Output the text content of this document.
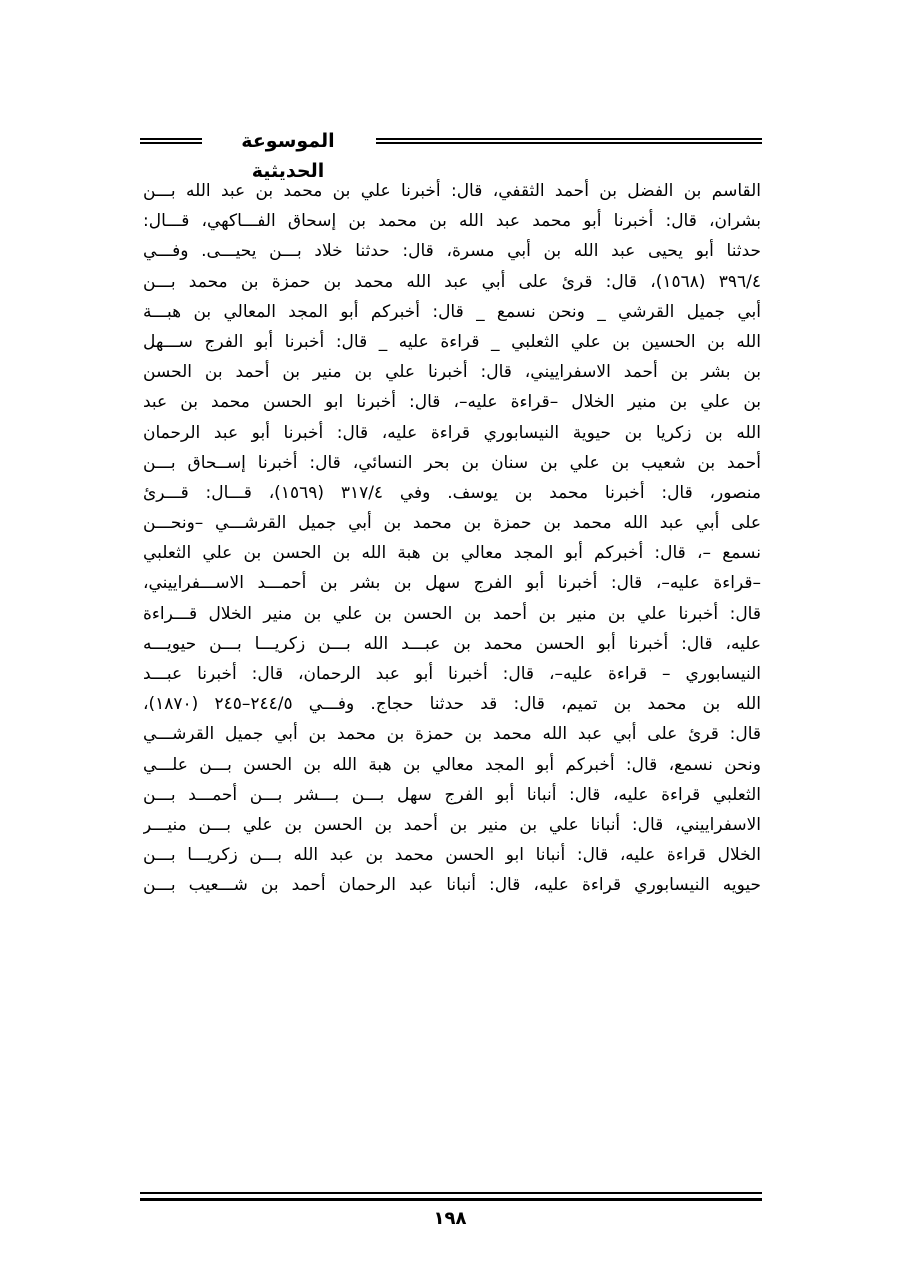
الموسوعة الحديثية
القاسم بن الفضل بن أحمد الثقفي، قال: أخبرنا علي بن محمد بن عبد الله بـــن
بشران، قال: أخبرنا أبو محمد عبد الله بن محمد بن إسحاق الفـــاكهي، قـــال:
حدثنا أبو يحيى عبد الله بن أبي مسرة، قال: حدثنا خلاد بـــن يحيـــى. وفـــي
٣٩٦/٤ (١٥٦٨)، قال: قرئ على أبي عبد الله محمد بن حمزة بن محمد بـــن
أبي جميل القرشي _ ونحن نسمع _ قال: أخبركم أبو المجد المعالي بن هبـــة
الله بن الحسين بن علي الثعلبي _ قراءة عليه _ قال: أخبرنا أبو الفرج ســـهل
بن بشر بن أحمد الاسفراييني، قال: أخبرنا علي بن منير بن أحمد بن الحسن
بن علي بن منير الخلال –قراءة عليه–، قال: أخبرنا ابو الحسن محمد بن عبد
الله بن زكريا بن حيوية النيسابوري قراءة عليه، قال: أخبرنا أبو عبد الرحمان
أحمد بن شعيب بن علي بن سنان بن بحر النسائي، قال: أخبرنا إســحاق بـــن
منصور، قال: أخبرنا محمد بن يوسف. وفي ٣١٧/٤ (١٥٦٩)، قـــال: قـــرئ
على أبي عبد الله محمد بن حمزة بن محمد بن أبي جميل القرشـــي –ونحـــن
نسمع –، قال: أخبركم أبو المجد معالي بن هبة الله بن الحسن بن علي الثعلبي
–قراءة عليه–، قال: أخبرنا أبو الفرج سهل بن بشر بن أحمـــد الاســـفراييني،
قال: أخبرنا علي بن منير بن أحمد بن الحسن بن علي بن منير الخلال قـــراءة
عليه، قال: أخبرنا أبو الحسن محمد بن عبـــد الله بـــن زكريـــا بـــن حيويـــه
النيسابوري – قراءة عليه–، قال: أخبرنا أبو عبد الرحمان، قال: أخبرنا عبـــد
الله بن محمد بن تميم، قال: قد حدثنا حجاج. وفـــي ٢٤٤/٥–٢٤٥ (١٨٧٠)،
قال: قرئ على أبي عبد الله محمد بن حمزة بن محمد بن أبي جميل القرشـــي
ونحن نسمع، قال: أخبركم أبو المجد معالي بن هبة الله بن الحسن بـــن علـــي
الثعلبي قراءة عليه، قال: أنبانا أبو الفرج سهل بـــن بـــشر بـــن أحمـــد بـــن
الاسفراييني، قال: أنبانا علي بن منير بن أحمد بن الحسن بن علي بـــن منيـــر
الخلال قراءة عليه، قال: أنبانا ابو الحسن محمد بن عبد الله بـــن زكريـــا بـــن
حيويه النيسابوري قراءة عليه، قال: أنبانا عبد الرحمان أحمد بن شـــعيب بـــن
١٩٨
